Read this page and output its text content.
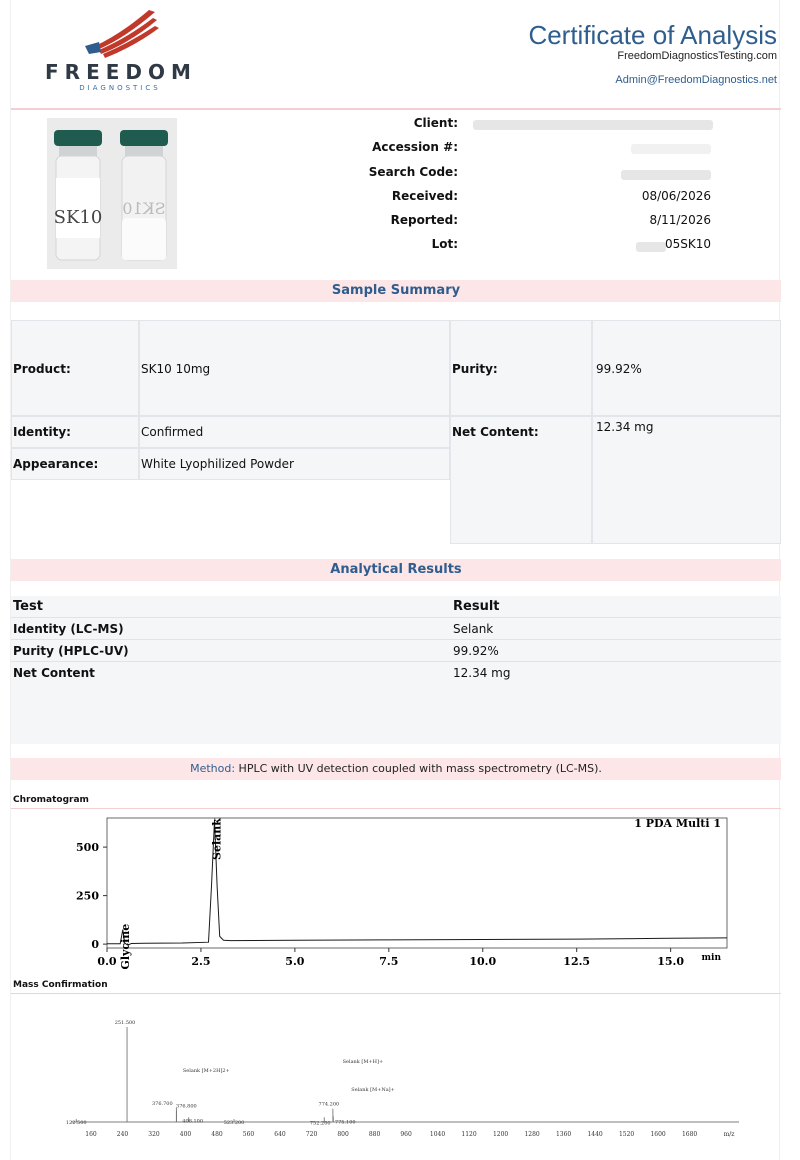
FREEDOM
DIAGNOSTICS
Certificate of Analysis
FreedomDiagnosticsTesting.com
Admin@FreedomDiagnostics.net
SK10 SK10
Client:
Accession #:
Search Code:
Received:	08/06/2026
Reported:	8/11/2026
Lot:	05SK10
Sample Summary
Product:	SK10 10mg	Purity:	99.92%
Identity:	Confirmed	Net Content:	12.34 mg
Appearance:	White Lyophilized Powder
Analytical Results
Test	Result
Identity (LC-MS)	Selank
Purity (HPLC-UV)	99.92%
Net Content	12.34 mg
Method: HPLC with UV detection coupled with mass spectrometry (LC-MS).
Chromatogram
0
250
500
0.0	2.5	5.0	7.5	10.0	12.5	15.0 min
1 PDA Multi 1
Glycine
Selank
Mass Confirmation
160	240	320	400	480	560	640	720	800	880	960	1040	1120	1200	1280	1360	1440	1520	1600	1680	m/z
122.500
251.500
376.700 376.800
408.100	523.200	752.200
774.200
775.100
Selank [M+2H]2+
Selank [M+H]+
Selank [M+Na]+
